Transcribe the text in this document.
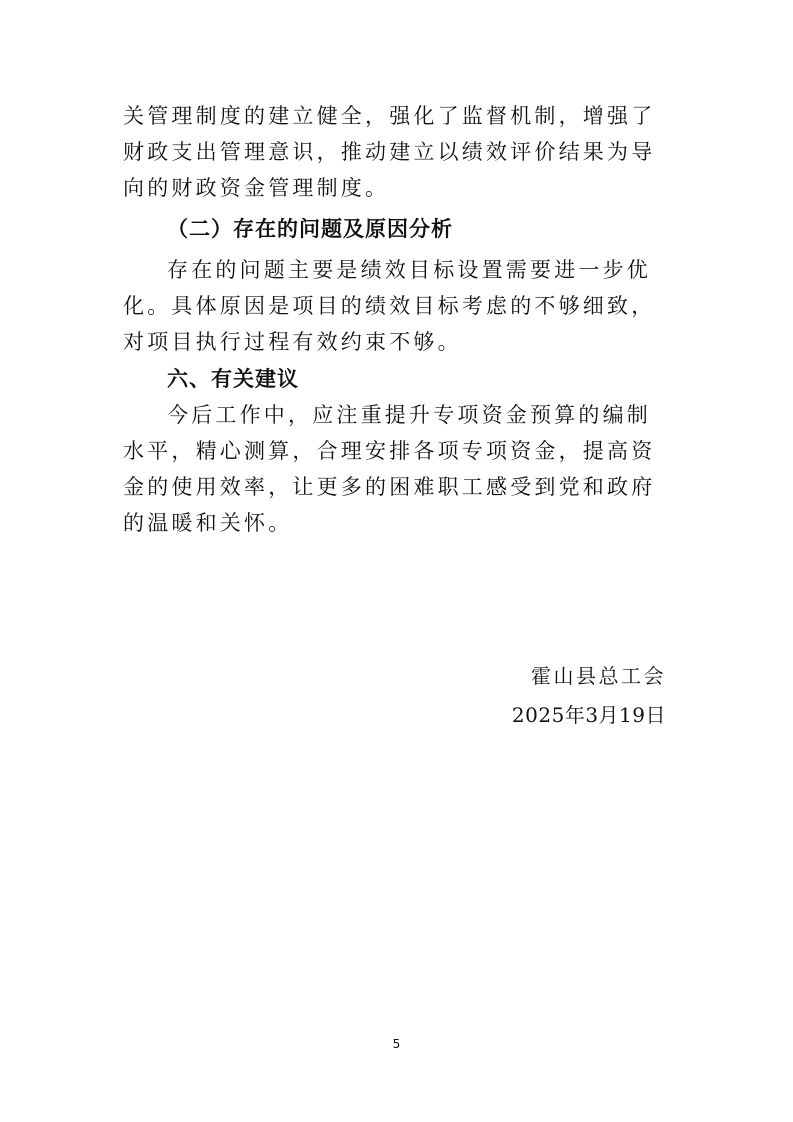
关管理制度的建立健全，强化了监督机制，增强了财政支出管理意识，推动建立以绩效评价结果为导向的财政资金管理制度。

（二）存在的问题及原因分析

存在的问题主要是绩效目标设置需要进一步优化。具体原因是项目的绩效目标考虑的不够细致，对项目执行过程有效约束不够。

六、有关建议

今后工作中，应注重提升专项资金预算的编制水平，精心测算，合理安排各项专项资金，提高资金的使用效率，让更多的困难职工感受到党和政府的温暖和关怀。

霍山县总工会

2025年3月19日

5
